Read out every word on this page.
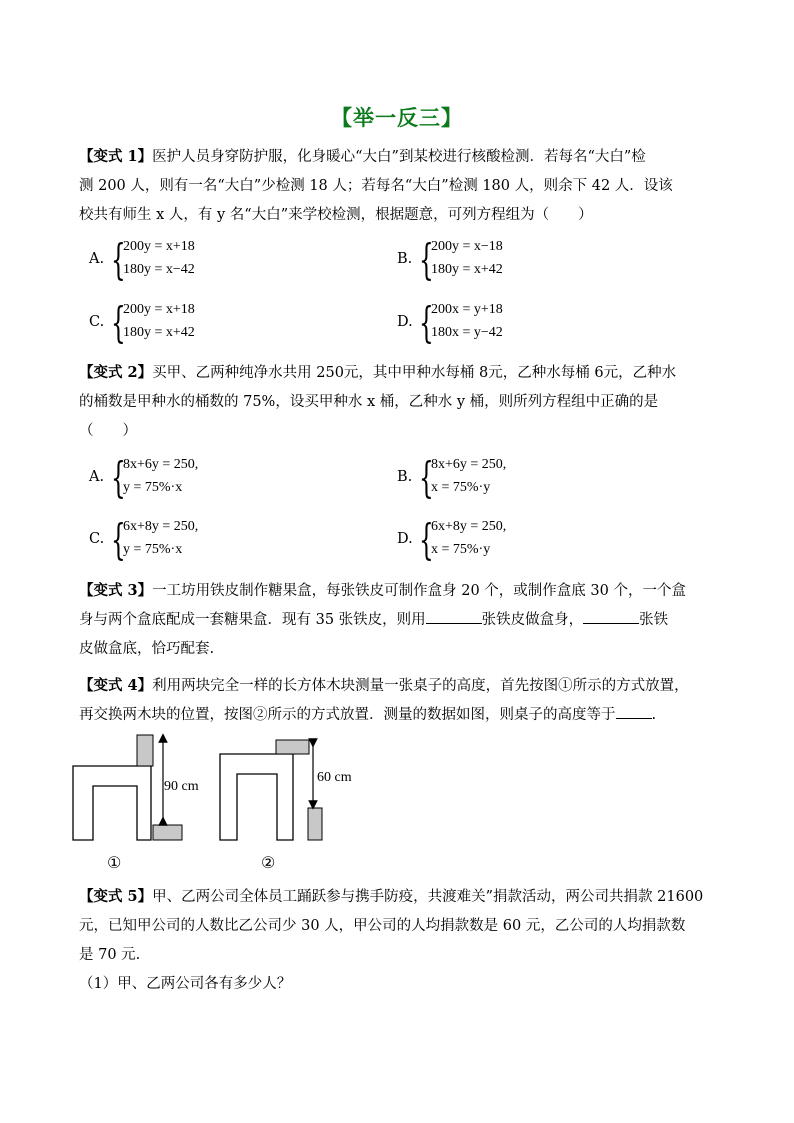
【举一反三】
【变式 1】医护人员身穿防护服，化身暖心“大白”到某校进行核酸检测．若每名“大白”检
测 200 人，则有一名“大白”少检测 18 人；若每名“大白”检测 180 人，则余下 42 人．设该
校共有师生 x 人，有 y 名“大白”来学校检测，根据题意，可列方程组为（　　）
A. {
200y = x+18
180y = x−42
B. {
200y = x−18
180y = x+42
C. {
200y = x+18
180y = x+42
D. {
200x = y+18
180x = y−42
【变式 2】买甲、乙两种纯净水共用 250元，其中甲种水每桶 8元，乙种水每桶 6元，乙种水
的桶数是甲种水的桶数的 75%，设买甲种水 x 桶，乙种水 y 桶，则所列方程组中正确的是
（　　）
A. {
8x+6y = 250,
y = 75%·x
B. {
8x+6y = 250,
x = 75%·y
C. {
6x+8y = 250,
y = 75%·x
D. {
6x+8y = 250,
x = 75%·y
【变式 3】一工坊用铁皮制作糖果盒，每张铁皮可制作盒身 20 个，或制作盒底 30 个，一个盒
身与两个盒底配成一套糖果盒．现有 35 张铁皮，则用	张铁皮做盒身，	张铁
皮做盒底，恰巧配套.
【变式 4】利用两块完全一样的长方体木块测量一张桌子的高度，首先按图①所示的方式放置，
再交换两木块的位置，按图②所示的方式放置．测量的数据如图，则桌子的高度等于 .
90 cm
①
60 cm
②
【变式 5】甲、乙两公司全体员工踊跃参与携手防疫，共渡难关”捐款活动，两公司共捐款 21600
元，已知甲公司的人数比乙公司少 30 人，甲公司的人均捐款数是 60 元，乙公司的人均捐款数
是 70 元.
（1）甲、乙两公司各有多少人？
